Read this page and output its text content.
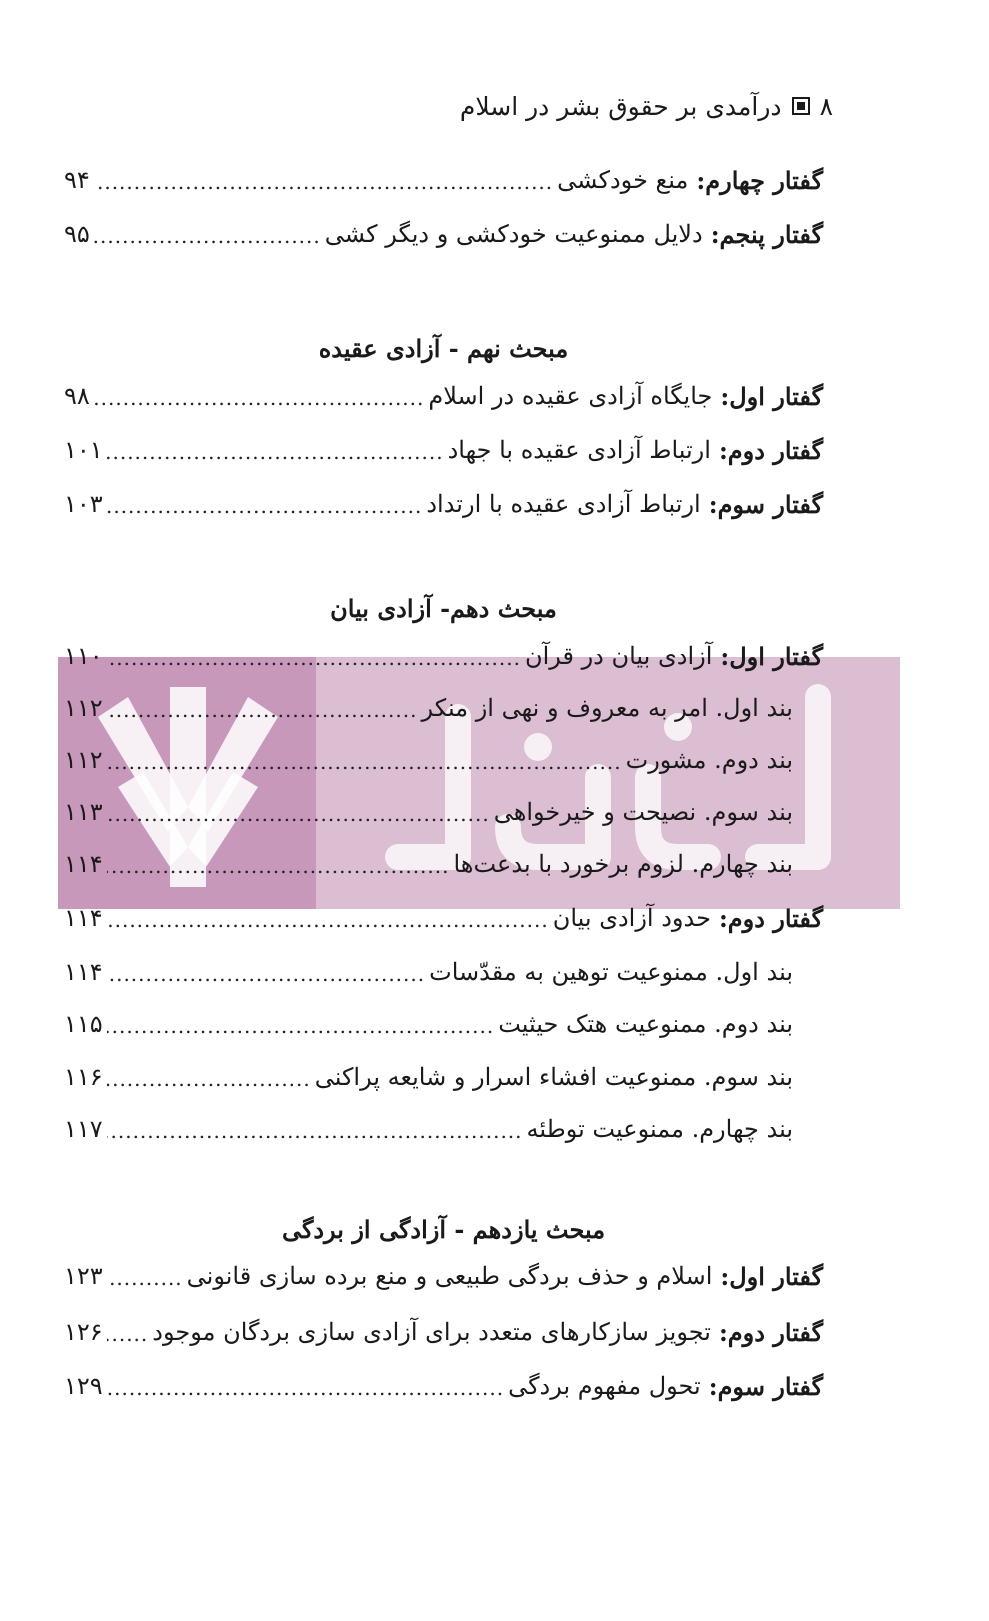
۸
درآمدی بر حقوق بشر در اسلام
گفتار چهارم:
منع خودکشی
.....
۹۴
گفتار پنجم:
دلایل ممنوعیت خودکشی و دیگر کشی
.....
۹۵
مبحث نهم - آزادی عقیده
گفتار اول:
جایگاه آزادی عقیده در اسلام
.....
۹۸
گفتار دوم:
ارتباط آزادی عقیده با جهاد
.....
۱۰۱
گفتار سوم:
ارتباط آزادی عقیده با ارتداد
.....
۱۰۳
مبحث دهم- آزادی بیان
گفتار اول:
آزادی بیان در قرآن
.....
۱۱۰
بند اول. امر به معروف و نهی از منکر
.....
۱۱۲
بند دوم. مشورت
.....
۱۱۲
بند سوم. نصیحت و خیرخواهی
.....
۱۱۳
بند چهارم. لزوم برخورد با بدعت‌ها
.....
۱۱۴
گفتار دوم:
حدود آزادی بیان
.....
۱۱۴
بند اول. ممنوعیت توهین به مقدّسات
.....
۱۱۴
بند دوم. ممنوعیت هتک حیثیت
.....
۱۱۵
بند سوم. ممنوعیت افشاء اسرار و شایعه پراکنی
.....
۱۱۶
بند چهارم. ممنوعیت توطئه
.....
۱۱۷
مبحث یازدهم - آزادگی از بردگی
گفتار اول:
اسلام و حذف بردگی طبیعی و منع برده سازی قانونی
.....
۱۲۳
گفتار دوم:
تجویز سازکارهای متعدد برای آزادی سازی بردگان موجود
.....
۱۲۶
گفتار سوم:
تحول مفهوم بردگی
.....
۱۲۹
